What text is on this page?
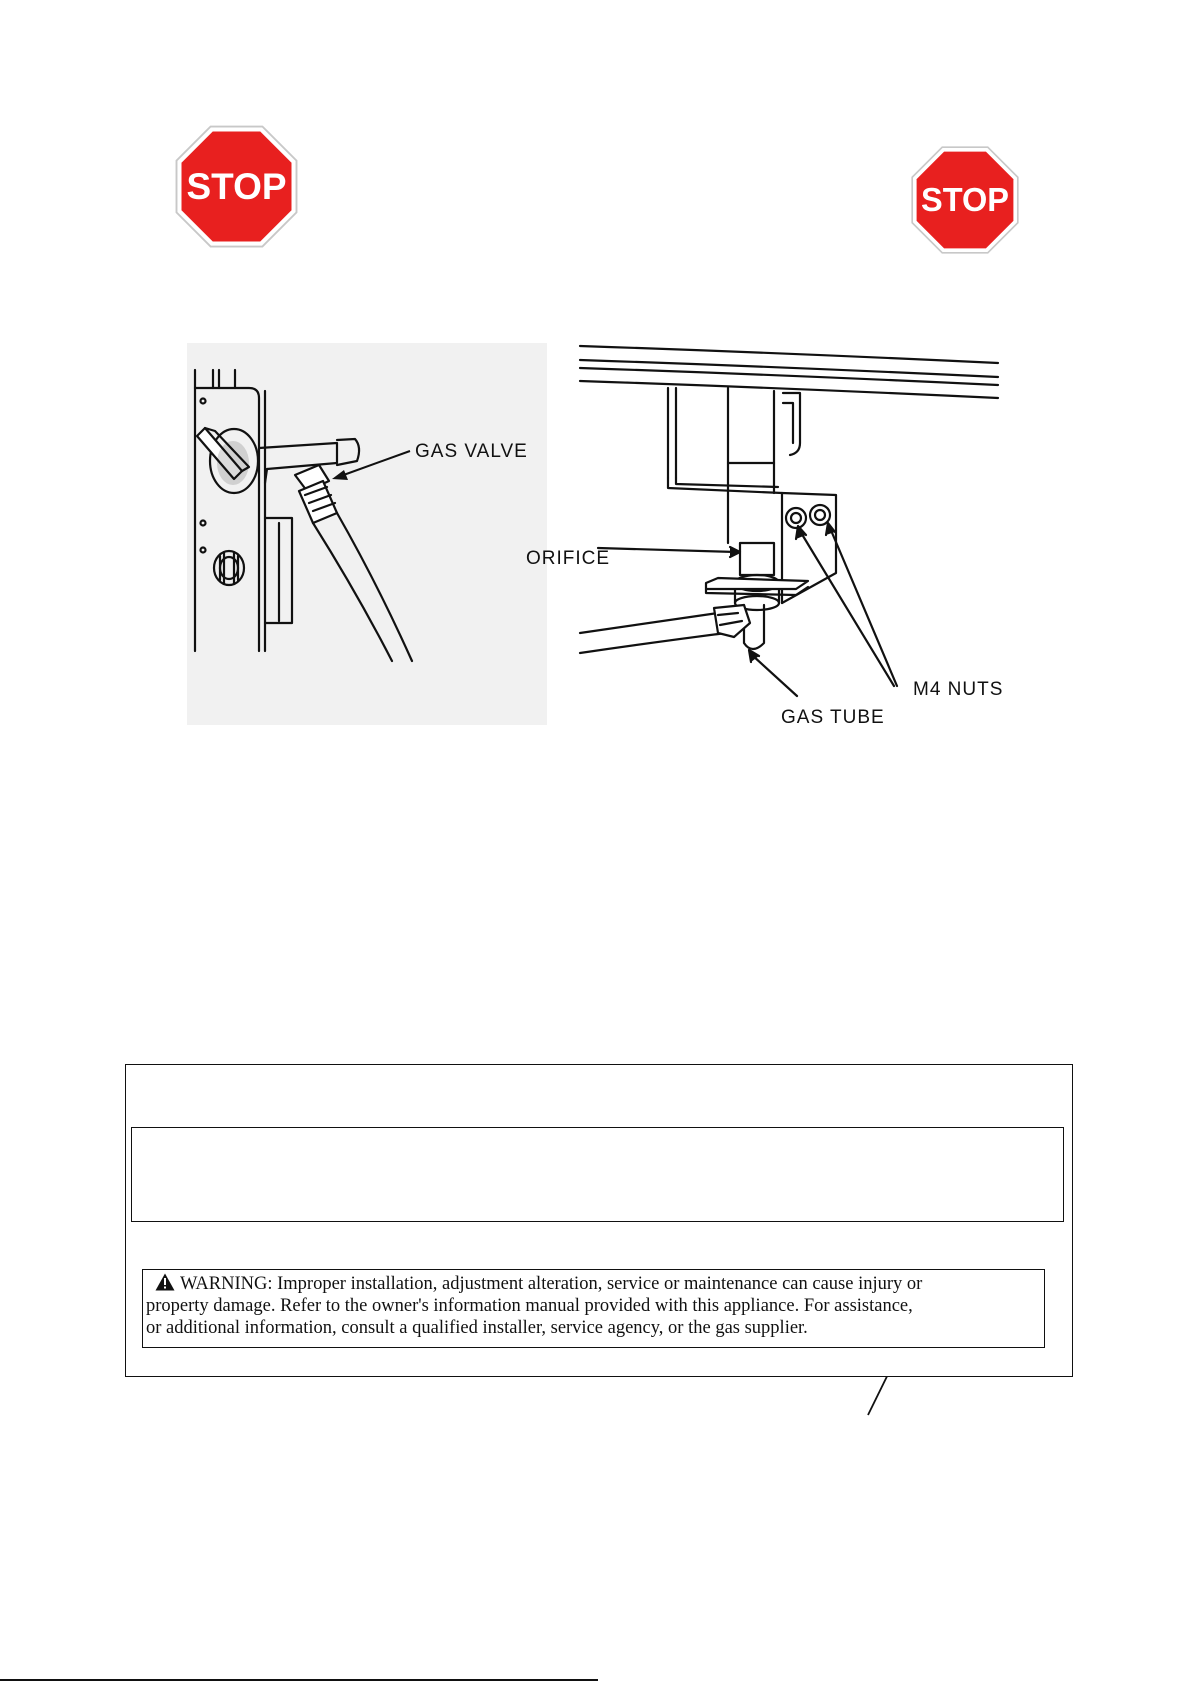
STOP	STOP
GAS VALVE
ORIFICE
M4 NUTS
GAS TUBE
WARNING: Improper installation, adjustment alteration, service or maintenance can cause injury or
property damage. Refer to the owner's information manual provided with this appliance. For assistance,
or additional information, consult a qualified installer, service agency, or the gas supplier.
